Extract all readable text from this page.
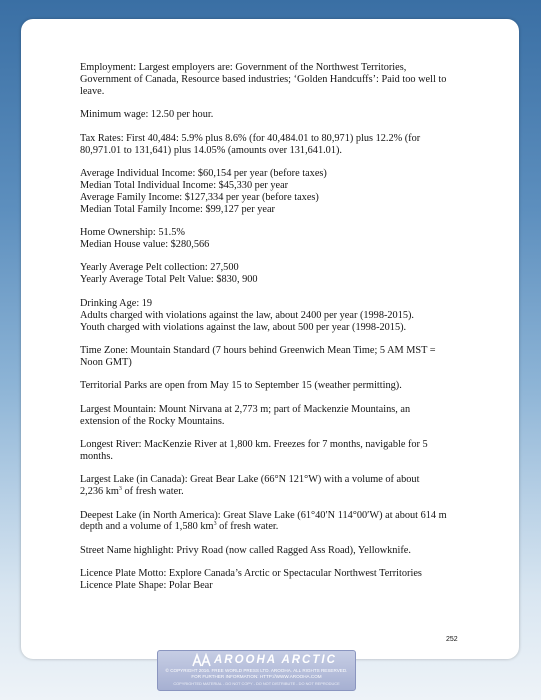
Employment: Largest employers are: Government of the Northwest Territories,
Government of Canada, Resource based industries; ‘Golden Handcuffs’: Paid too well to
leave.

Minimum wage: 12.50 per hour.

Tax Rates: First 40,484: 5.9% plus 8.6% (for 40,484.01 to 80,971) plus 12.2% (for
80,971.01 to 131,641) plus 14.05% (amounts over 131,641.01).

Average Individual Income: $60,154 per year (before taxes)
Median Total Individual Income: $45,330 per year
Average Family Income: $127,334 per year (before taxes)
Median Total Family Income: $99,127 per year

Home Ownership: 51.5%
Median House value: $280,566

Yearly Average Pelt collection: 27,500
Yearly Average Total Pelt Value: $830, 900

Drinking Age: 19
Adults charged with violations against the law, about 2400 per year (1998-2015).
Youth charged with violations against the law, about 500 per year (1998-2015).

Time Zone: Mountain Standard (7 hours behind Greenwich Mean Time; 5 AM MST =
Noon GMT)

Territorial Parks are open from May 15 to September 15 (weather permitting).

Largest Mountain: Mount Nirvana at 2,773 m; part of Mackenzie Mountains, an
extension of the Rocky Mountains.

Longest River: MacKenzie River at 1,800 km. Freezes for 7 months, navigable for 5
months.

Largest Lake (in Canada): Great Bear Lake (66°N 121°W) with a volume of about
2,236 $km^3$ of fresh water.

Deepest Lake (in North America): Great Slave Lake (61°40′N 114°00′W) at about 614 m
depth and a volume of 1,580 $km^3$ of fresh water.

Street Name highlight: Privy Road (now called Ragged Ass Road), Yellowknife.

Licence Plate Motto: Explore Canada’s Arctic or Spectacular Northwest Territories
Licence Plate Shape: Polar Bear

252
AROOHA ARCTIC
© COPYRIGHT 2016. FREE WORLD PRESS LTD. AROOHA. ALL RIGHTS RESERVED.
FOR FURTHER INFORMATION: HTTP://WWW.AROOHA.COM
COPYRIGHTED MATERIAL - DO NOT COPY - DO NOT DISTRIBUTE - DO NOT REPRODUCE
